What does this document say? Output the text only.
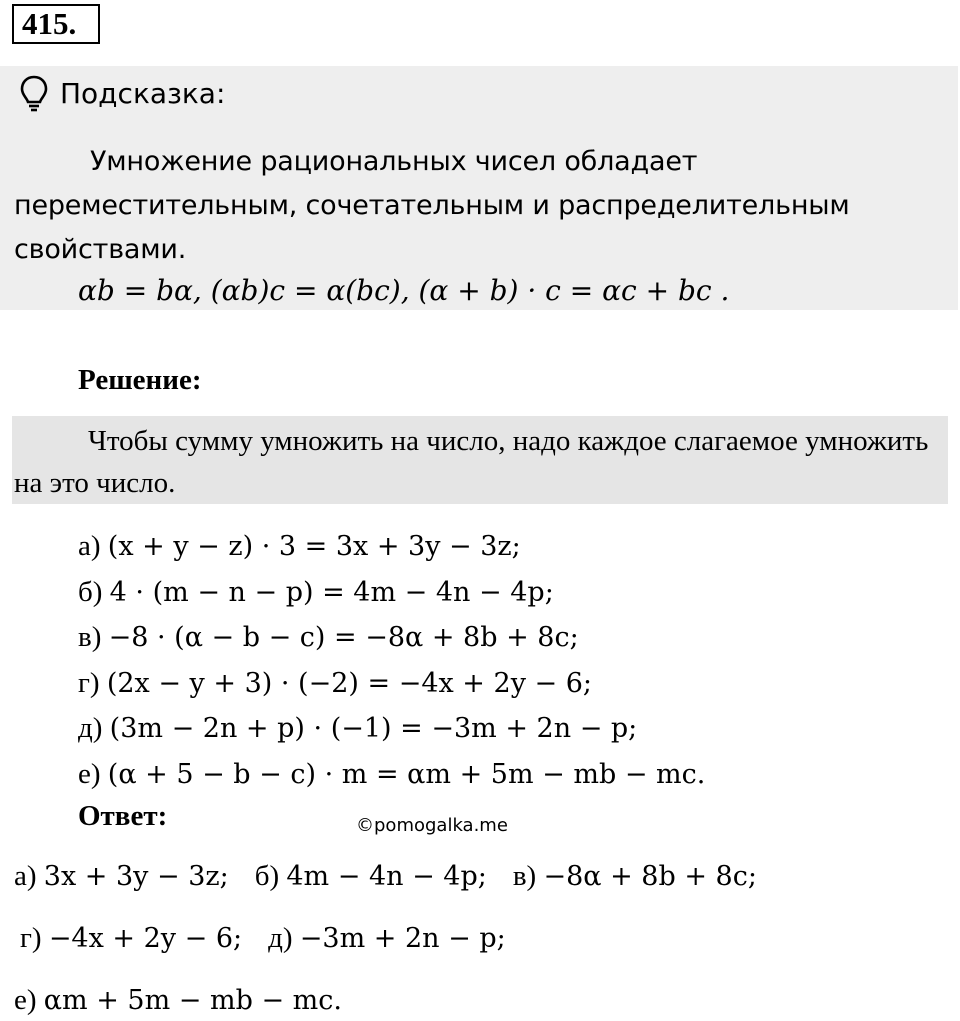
415.
Подсказка:
Умножение рациональных чисел обладает переместительным, сочетательным и распределительным свойствами.
αb = bα, (αb)c = α(bc), (α + b) · c = αc + bc .
Решение:
Чтобы сумму умножить на число, надо каждое слагаемое умножить на это число.
а) (x + y − z) · 3 = 3x + 3y − 3z;
б) 4 · (m − n − p) = 4m − 4n − 4p;
в) −8 · (α − b − c) = −8α + 8b + 8c;
г) (2x − y + 3) · (−2) = −4x + 2y − 6;
д) (3m − 2n + p) · (−1) = −3m + 2n − p;
е) (α + 5 − b − c) · m = αm + 5m − mb − mc.
Ответ:	©pomogalka.me
а) 3x + 3y − 3z; б) 4m − 4n − 4p; в) −8α + 8b + 8c;
г) −4x + 2y − 6; д) −3m + 2n − p;
е) αm + 5m − mb − mc.
